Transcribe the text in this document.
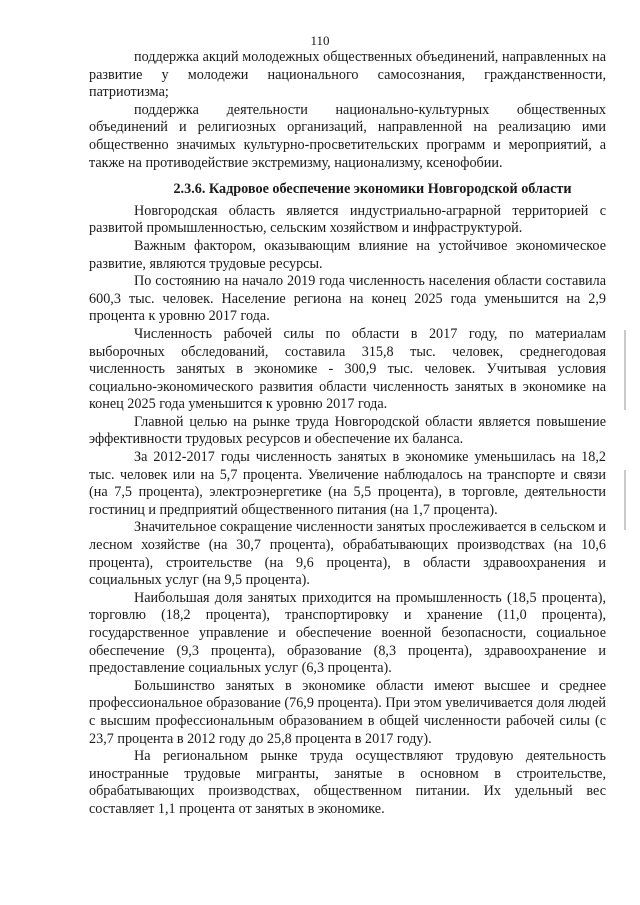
110

поддержка акций молодежных общественных объединений, направленных на развитие у молодежи национального самосознания, гражданственности, патриотизма;

поддержка деятельности национально-культурных общественных объединений и религиозных организаций, направленной на реализацию ими общественно значимых культурно-просветительских программ и мероприятий, а также на противодействие экстремизму, национализму, ксенофобии.

2.3.6. Кадровое обеспечение экономики Новгородской области

Новгородская область является индустриально-аграрной территорией с развитой промышленностью, сельским хозяйством и инфраструктурой.

Важным фактором, оказывающим влияние на устойчивое экономическое развитие, являются трудовые ресурсы.

По состоянию на начало 2019 года численность населения области составила 600,3 тыс. человек. Население региона на конец 2025 года уменьшится на 2,9 процента к уровню 2017 года.

Численность рабочей силы по области в 2017 году, по материалам выборочных обследований, составила 315,8 тыс. человек, среднегодовая численность занятых в экономике - 300,9 тыс. человек. Учитывая условия социально-экономического развития области численность занятых в экономике на конец 2025 года уменьшится к уровню 2017 года.

Главной целью на рынке труда Новгородской области является повышение эффективности трудовых ресурсов и обеспечение их баланса.

За 2012-2017 годы численность занятых в экономике уменьшилась на 18,2 тыс. человек или на 5,7 процента. Увеличение наблюдалось на транспорте и связи (на 7,5 процента), электроэнергетике (на 5,5 процента), в торговле, деятельности гостиниц и предприятий общественного питания (на 1,7 процента).

Значительное сокращение численности занятых прослеживается в сельском и лесном хозяйстве (на 30,7 процента), обрабатывающих производствах (на 10,6 процента), строительстве (на 9,6 процента), в области здравоохранения и социальных услуг (на 9,5 процента).

Наибольшая доля занятых приходится на промышленность (18,5 процента), торговлю (18,2 процента), транспортировку и хранение (11,0 процента), государственное управление и обеспечение военной безопасности, социальное обеспечение (9,3 процента), образование (8,3 процента), здравоохранение и предоставление социальных услуг (6,3 процента).

Большинство занятых в экономике области имеют высшее и среднее профессиональное образование (76,9 процента). При этом увеличивается доля людей с высшим профессиональным образованием в общей численности рабочей силы (с 23,7 процента в 2012 году до 25,8 процента в 2017 году).

На региональном рынке труда осуществляют трудовую деятельность иностранные трудовые мигранты, занятые в основном в строительстве, обрабатывающих производствах, общественном питании. Их удельный вес составляет 1,1 процента от занятых в экономике.
